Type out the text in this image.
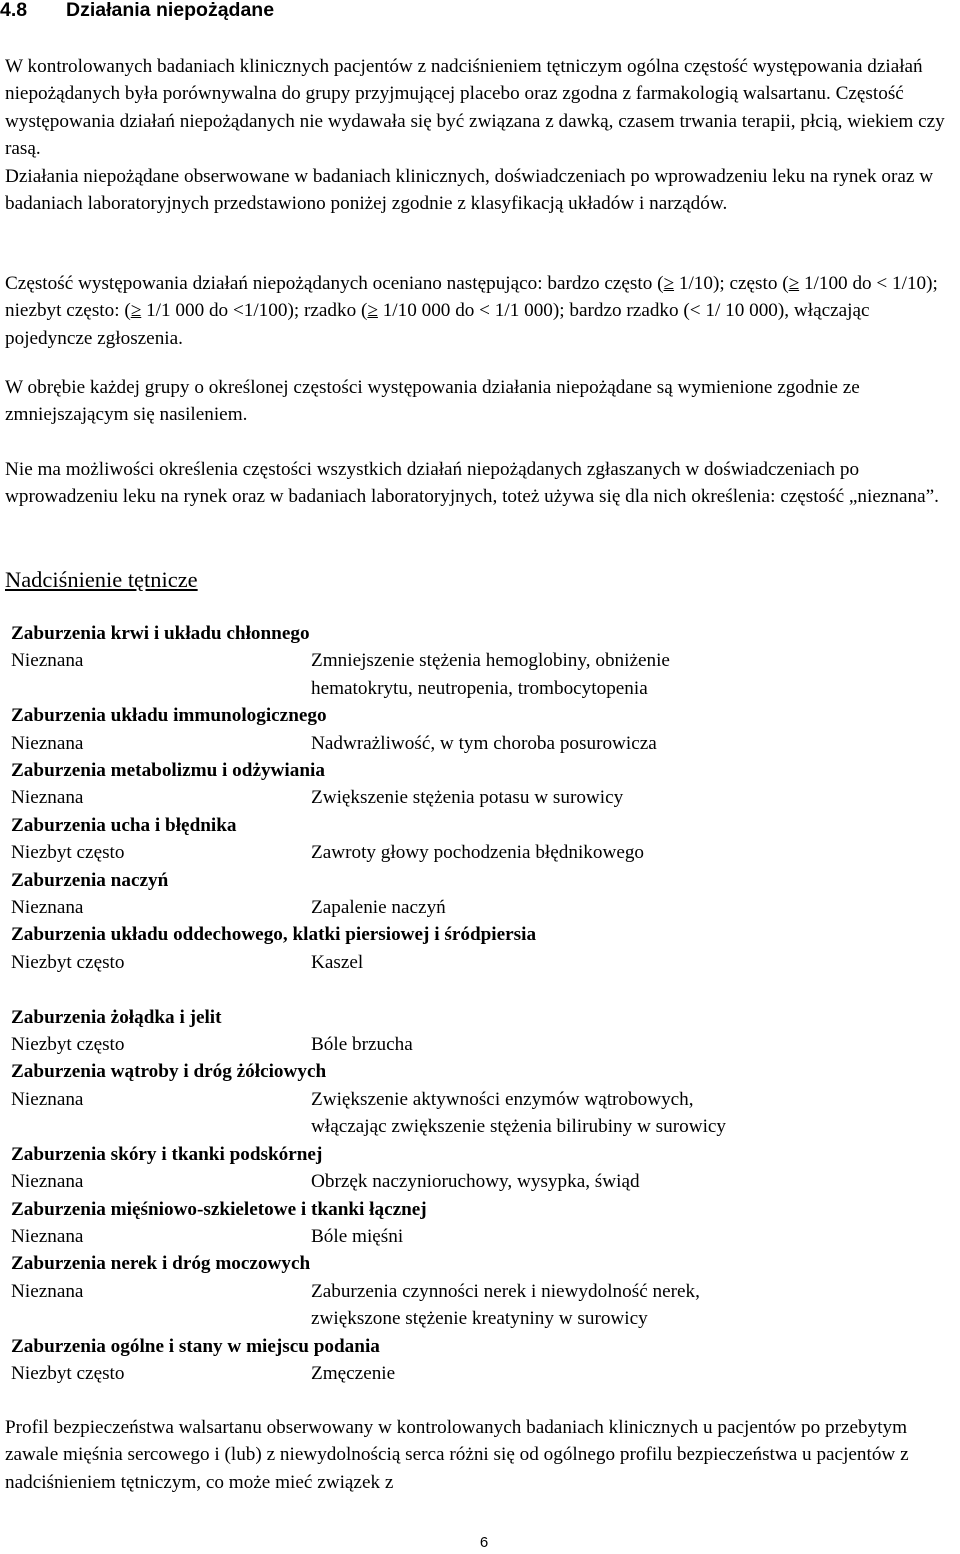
4.8 Działania niepożądane
W kontrolowanych badaniach klinicznych pacjentów z nadciśnieniem tętniczym ogólna częstość występowania działań niepożądanych była porównywalna do grupy przyjmującej placebo oraz zgodna z farmakologią walsartanu. Częstość występowania działań niepożądanych nie wydawała się być związana z dawką, czasem trwania terapii, płcią, wiekiem czy rasą.
Działania niepożądane obserwowane w badaniach klinicznych, doświadczeniach po wprowadzeniu leku na rynek oraz w badaniach laboratoryjnych przedstawiono poniżej zgodnie z klasyfikacją układów i narządów.

Częstość występowania działań niepożądanych oceniano następująco: bardzo często (≥ 1/10); często (≥ 1/100 do < 1/10); niezbyt często: (≥ 1/1 000 do <1/100); rzadko (≥ 1/10 000 do < 1/1 000); bardzo rzadko (< 1/ 10 000), włączając pojedyncze zgłoszenia.

W obrębie każdej grupy o określonej częstości występowania działania niepożądane są wymienione zgodnie ze zmniejszającym się nasileniem.

Nie ma możliwości określenia częstości wszystkich działań niepożądanych zgłaszanych w doświadczeniach po wprowadzeniu leku na rynek oraz w badaniach laboratoryjnych, toteż używa się dla nich określenia: częstość „nieznana”.

Nadciśnienie tętnicze
Zaburzenia krwi i układu chłonnego
Nieznana	Zmniejszenie stężenia hemoglobiny, obniżenie
hematokrytu, neutropenia, trombocytopenia
Zaburzenia układu immunologicznego
Nieznana	Nadwrażliwość, w tym choroba posurowicza
Zaburzenia metabolizmu i odżywiania
Nieznana	Zwiększenie stężenia potasu w surowicy
Zaburzenia ucha i błędnika
Niezbyt często	Zawroty głowy pochodzenia błędnikowego
Zaburzenia naczyń
Nieznana	Zapalenie naczyń
Zaburzenia układu oddechowego, klatki piersiowej i śródpiersia
Niezbyt często	Kaszel
Zaburzenia żołądka i jelit
Niezbyt często	Bóle brzucha
Zaburzenia wątroby i dróg żółciowych
Nieznana	Zwiększenie aktywności enzymów wątrobowych,
włączając zwiększenie stężenia bilirubiny w surowicy
Zaburzenia skóry i tkanki podskórnej
Nieznana	Obrzęk naczynioruchowy, wysypka, świąd
Zaburzenia mięśniowo-szkieletowe i tkanki łącznej
Nieznana	Bóle mięśni
Zaburzenia nerek i dróg moczowych
Nieznana	Zaburzenia czynności nerek i niewydolność nerek,
zwiększone stężenie kreatyniny w surowicy
Zaburzenia ogólne i stany w miejscu podania
Niezbyt często	Zmęczenie

Profil bezpieczeństwa walsartanu obserwowany w kontrolowanych badaniach klinicznych u pacjentów po przebytym zawale mięśnia sercowego i (lub) z niewydolnością serca różni się od ogólnego profilu bezpieczeństwa u pacjentów z nadciśnieniem tętniczym, co może mieć związek z

6
